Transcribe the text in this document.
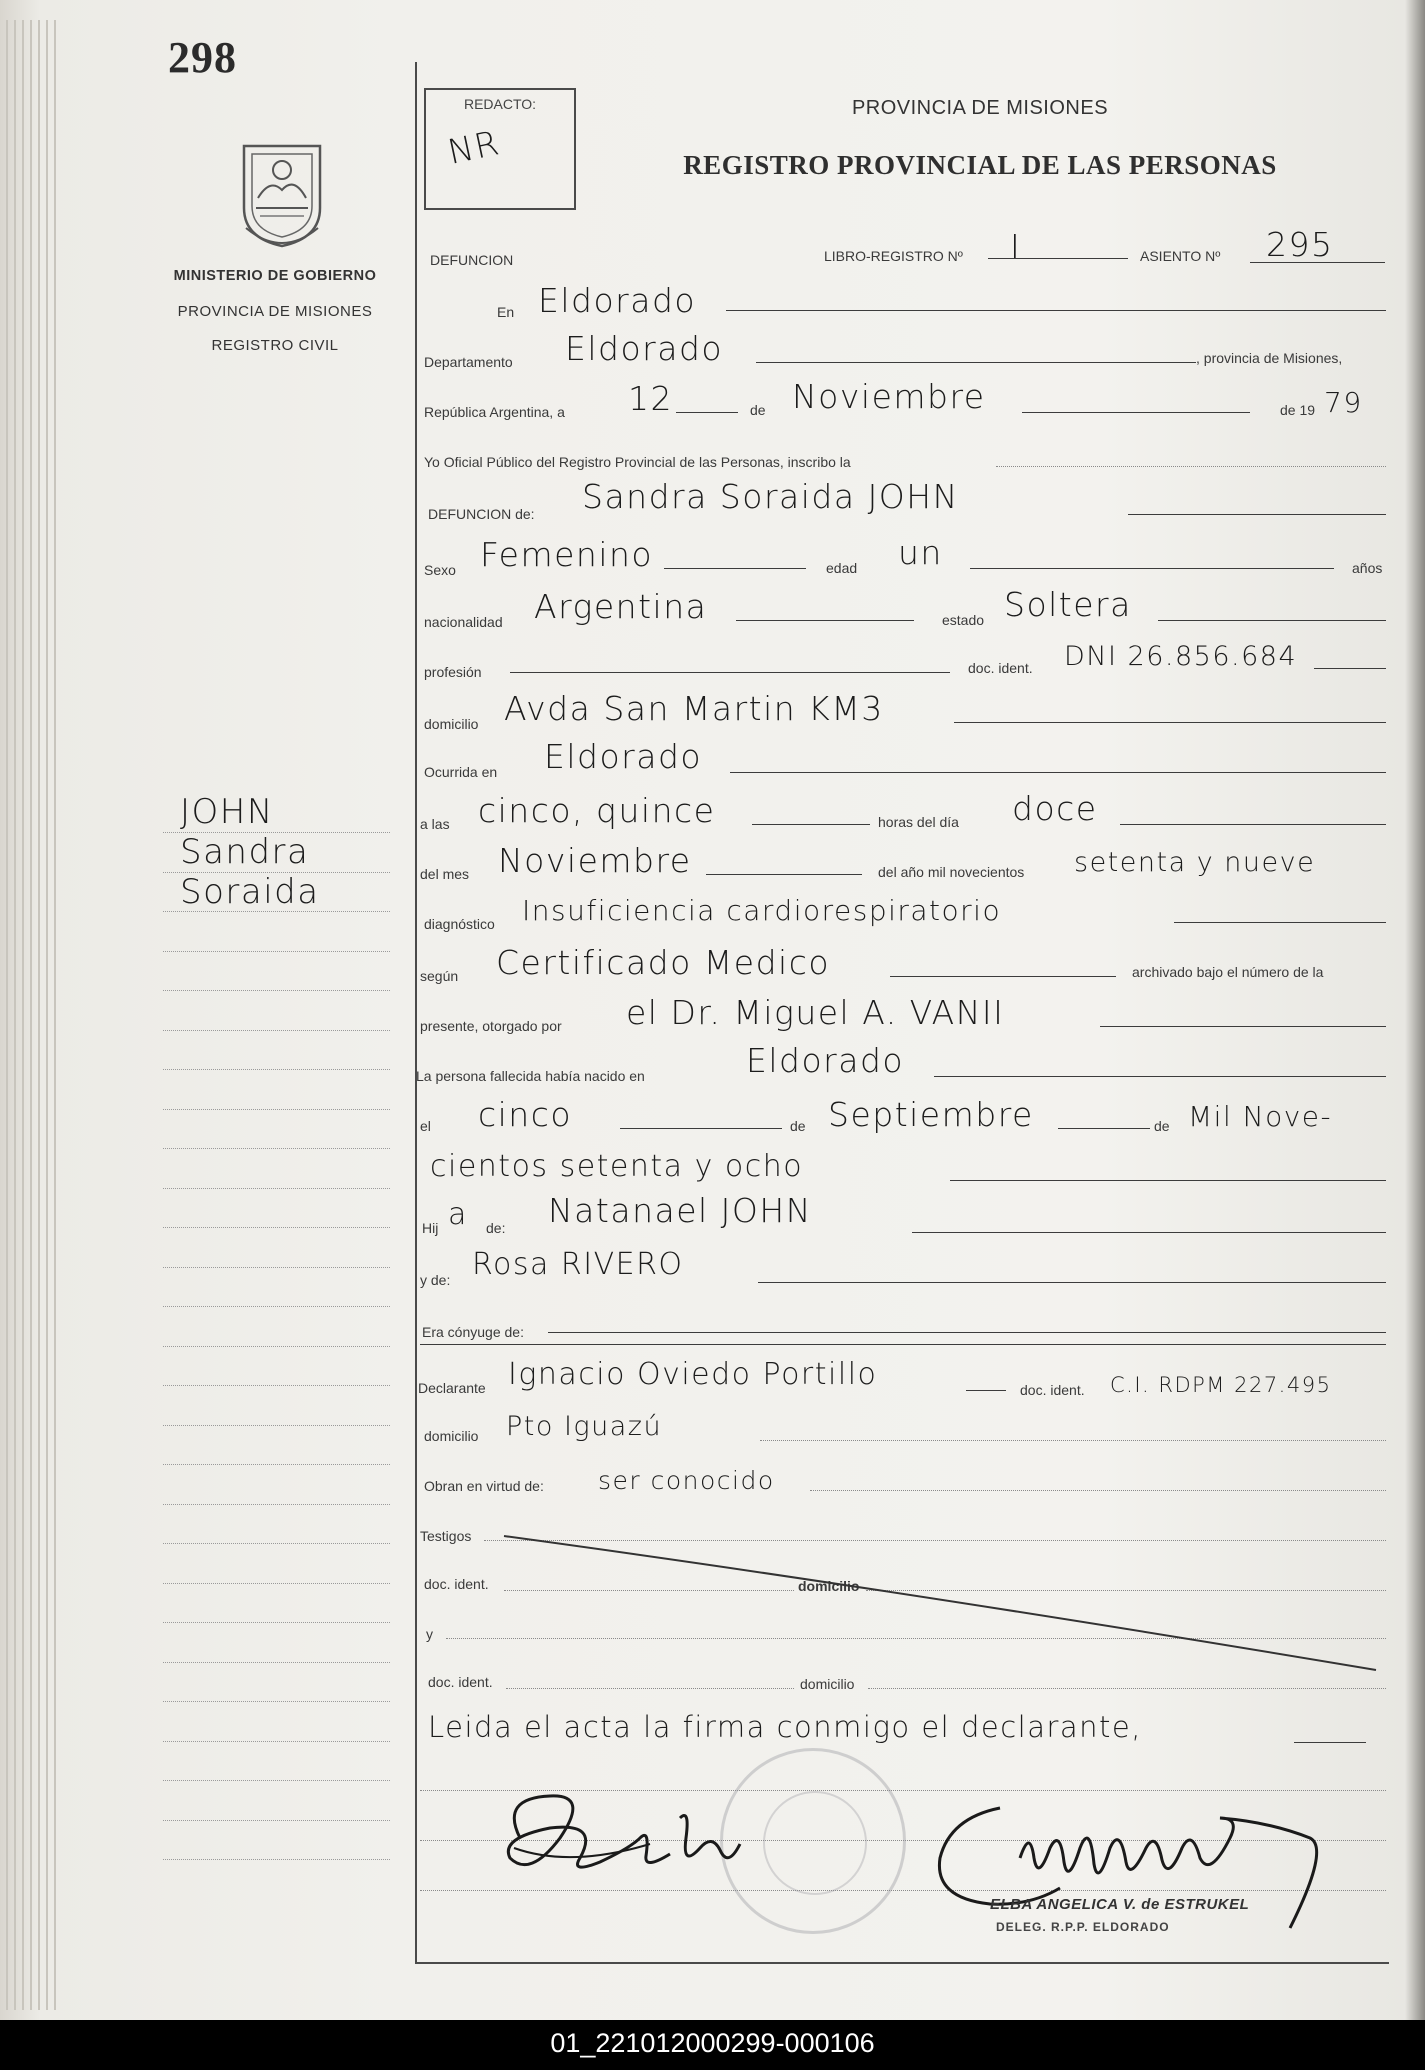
298
MINISTERIO DE GOBIERNO
PROVINCIA DE MISIONES
REGISTRO CIVIL
JOHN
Sandra
Soraida
REDACTO:
NR
PROVINCIA DE MISIONES
REGISTRO PROVINCIAL DE LAS PERSONAS
DEFUNCION	LIBRO-REGISTRO Nº I	ASIENTO Nº 295
En Eldorado
Departamento Eldorado	, provincia de Misiones,
República Argentina, a 12	de Noviembre	de 19 79
Yo Oficial Público del Registro Provincial de las Personas, inscribo la
DEFUNCION de: Sandra Soraida JOHN
Sexo Femenino	edad un	años
nacionalidad Argentina	estado Soltera
profesión	doc. ident. DNI 26.856.684
domicilio Avda San Martin KM3
Ocurrida en Eldorado
a las cinco, quince	horas del día doce
del mes Noviembre	del año mil novecientos setenta y nueve
diagnóstico Insuficiencia cardiorespiratorio
según Certificado Medico	archivado bajo el número de la
presente, otorgado por el Dr. Miguel A. VANII
La persona fallecida había nacido en	Eldorado
el cinco	de Septiembre	de Mil Nove-
cientos setenta y ocho
Hij a de: Natanael JOHN
y de: Rosa RIVERO
Era cónyuge de:
Declarante Ignacio Oviedo Portillo	doc. ident. C.I. RDPM 227.495
domicilio Pto Iguazú
Obran en virtud de: ser conocido
Testigos
doc. ident.	domicilio
y
doc. ident.	domicilio
Leida el acta la firma conmigo el declarante,
ELBA ANGELICA V. de ESTRUKEL
DELEG. R.P.P. ELDORADO
01_221012000299-000106
